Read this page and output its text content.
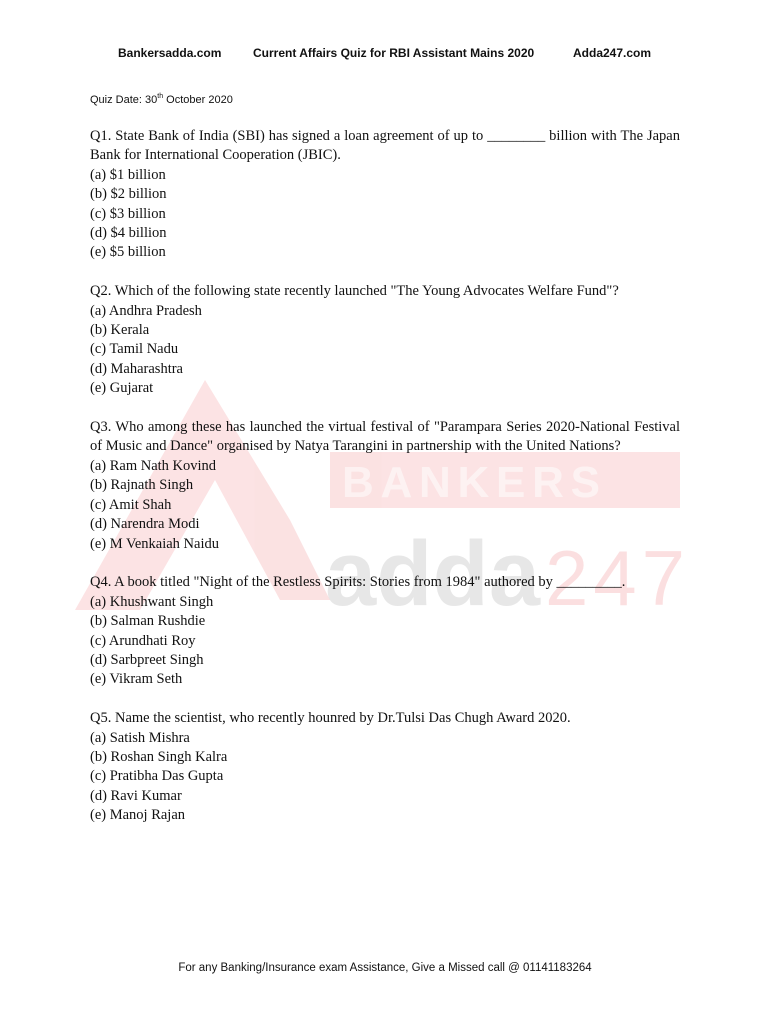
Bankersadda.com	Current Affairs Quiz for RBI Assistant Mains 2020	Adda247.com
Quiz Date: 30th October 2020
BANKERS
adda 247
Q1. State Bank of India (SBI) has signed a loan agreement of up to ________ billion with The Japan Bank for International Cooperation (JBIC).
(a) $1 billion
(b) $2 billion
(c) $3 billion
(d) $4 billion
(e) $5 billion
Q2. Which of the following state recently launched "The Young Advocates Welfare Fund"?
(a) Andhra Pradesh
(b) Kerala
(c) Tamil Nadu
(d) Maharashtra
(e) Gujarat
Q3. Who among these has launched the virtual festival of "Parampara Series 2020-National Festival of Music and Dance" organised by Natya Tarangini in partnership with the United Nations?
(a) Ram Nath Kovind
(b) Rajnath Singh
(c) Amit Shah
(d) Narendra Modi
(e) M Venkaiah Naidu
Q4. A book titled "Night of the Restless Spirits: Stories from 1984" authored by _________.
(a) Khushwant Singh
(b) Salman Rushdie
(c) Arundhati Roy
(d) Sarbpreet Singh
(e) Vikram Seth
Q5. Name the scientist, who recently hounred by Dr.Tulsi Das Chugh Award 2020.
(a) Satish Mishra
(b) Roshan Singh Kalra
(c) Pratibha Das Gupta
(d) Ravi Kumar
(e) Manoj Rajan
For any Banking/Insurance exam Assistance, Give a Missed call @ 01141183264
